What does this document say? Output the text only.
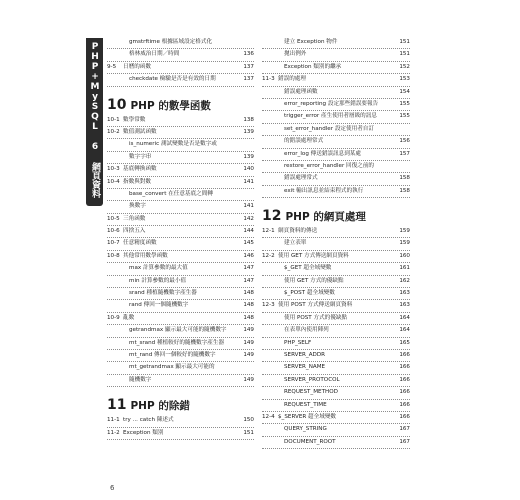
PHP+MySQL 6 網頁資料庫程式設計演繹	gmstrftime 根據區域設定格式化
格林威治日期／時間	136
9-5 日曆的函數	137
checkdate 檢驗是否是有效的日期	137
10 PHP 的數學函數
10-1 數學常數	138
10-2 數值測試函數	139
is_numeric 測試變數是否是數字或
數字字串	139
10-3 基底轉換函數	140
10-4 指數與對數	141
base_convert 在任意基底之間轉
換數字	141
10-5 三角函數	142
10-6 四捨五入	144
10-7 任意精度函數	145
10-8 其他常用數學函數	146
max 計算參數的最大值	147
min 計算參數的最小值	147
srand 種植隨機數字產生器	148
rand 傳回一個隨機數字	148
10-9 亂數	148
getrandmax 顯示最大可能的隨機數字	149
mt_srand 種植較好的隨機數字產生器	149
mt_rand 傳回一個較好的隨機數字	149
mt_getrandmax 顯示最大可能的
隨機數字	149
11 PHP 的除錯
11-1 try ... catch 陳述式	150
11-2 Exception 類別	151
建立 Exception 物件	151
拋出例外	151
Exception 類別的繼承	152
11-3 錯誤的處理	153
錯誤處理函數	154
error_reporting 設定那些錯誤要報告	155
trigger_error 產生使用者層級的訊息	155
set_error_handler 設定使用者自訂
的錯誤處理常式	156
error_log 傳送錯誤訊息到某處	157
restore_error_handler 回復之前的
錯誤處理常式	158
exit 輸出訊息並結束程式的執行	158
12 PHP 的網頁處理
12-1 網頁資料的傳送	159
建立表單	159
12-2 使用 GET 方式傳送網頁資料	160
$_GET 超全域變數	161
使用 GET 方式的優缺點	162
$_POST 超全域變數	163
12-3 使用 POST 方式傳送網頁資料	163
使用 POST 方式的優缺點	164
在表單內使用陣列	164
PHP_SELF	165
SERVER_ADDR	166
SERVER_NAME	166
SERVER_PROTOCOL	166
REQUEST_METHOD	166
REQUEST_TIME	166
12-4 $_SERVER 超全域變數	166
QUERY_STRING	167
DOCUMENT_ROOT	167
6
